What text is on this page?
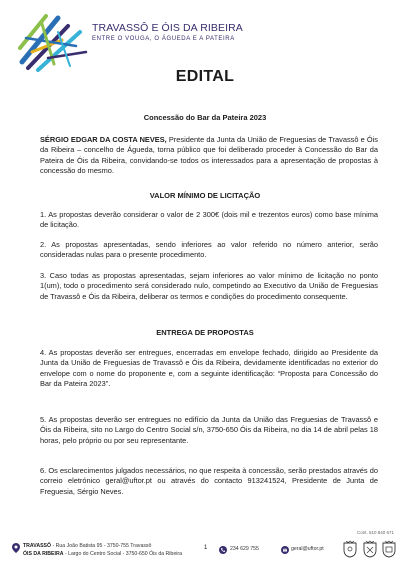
TRAVASSÔ E ÓIS DA RIBEIRA
ENTRE O VOUGA, O ÁGUEDA E A PATEIRA
EDITAL
Concessão do Bar da Pateira 2023
SÉRGIO EDGAR DA COSTA NEVES, Presidente da Junta da União de Freguesias de Travassô e Óis da Ribeira – concelho de Águeda, torna público que foi deliberado proceder à Concessão do Bar da Pateira de Óis da Ribeira, convidando-se todos os interessados para a apresentação de propostas à concessão do mesmo.
VALOR MÍNIMO DE LICITAÇÃO
1. As propostas deverão considerar o valor de 2 300€ (dois mil e trezentos euros) como base mínima de licitação.
2. As propostas apresentadas, sendo inferiores ao valor referido no número anterior, serão consideradas nulas para o presente procedimento.
3. Caso todas as propostas apresentadas, sejam inferiores ao valor mínimo de licitação no ponto 1(um), todo o procedimento será considerado nulo, competindo ao Executivo da União de Freguesias de Travassô e Óis da Ribeira, deliberar os termos e condições do procedimento consequente.
ENTREGA DE PROPOSTAS
4. As propostas deverão ser entregues, encerradas em envelope fechado, dirigido ao Presidente da Junta da União de Freguesias de Travassô e Óis da Ribeira, devidamente identificadas no exterior do envelope com o nome do proponente e, com a seguinte identificação: “Proposta para Concessão do Bar da Pateira 2023”.
5. As propostas deverão ser entregues no edifício da Junta da União das Freguesias de Travassô e Óis da Ribeira, sito no Largo do Centro Social s/n, 3750-650 Óis da Ribeira, no dia 14 de abril pelas 18 horas, pelo próprio ou por seu representante.
6. Os esclarecimentos julgados necessários, no que respeita à concessão, serão prestados através do correio eletrónico geral@uftor.pt ou através do contacto 913241524, Presidente de Junta de Freguesia, Sérgio Neves.
Cont. 510 840 671
TRAVASSÔ - Rua João Batista 95 - 3750-755 Travassô
ÓIS DA RIBEIRA - Largo do Centro Social - 3750-650 Óis da Ribeira
1	234 629 755	geral@uftor.pt
